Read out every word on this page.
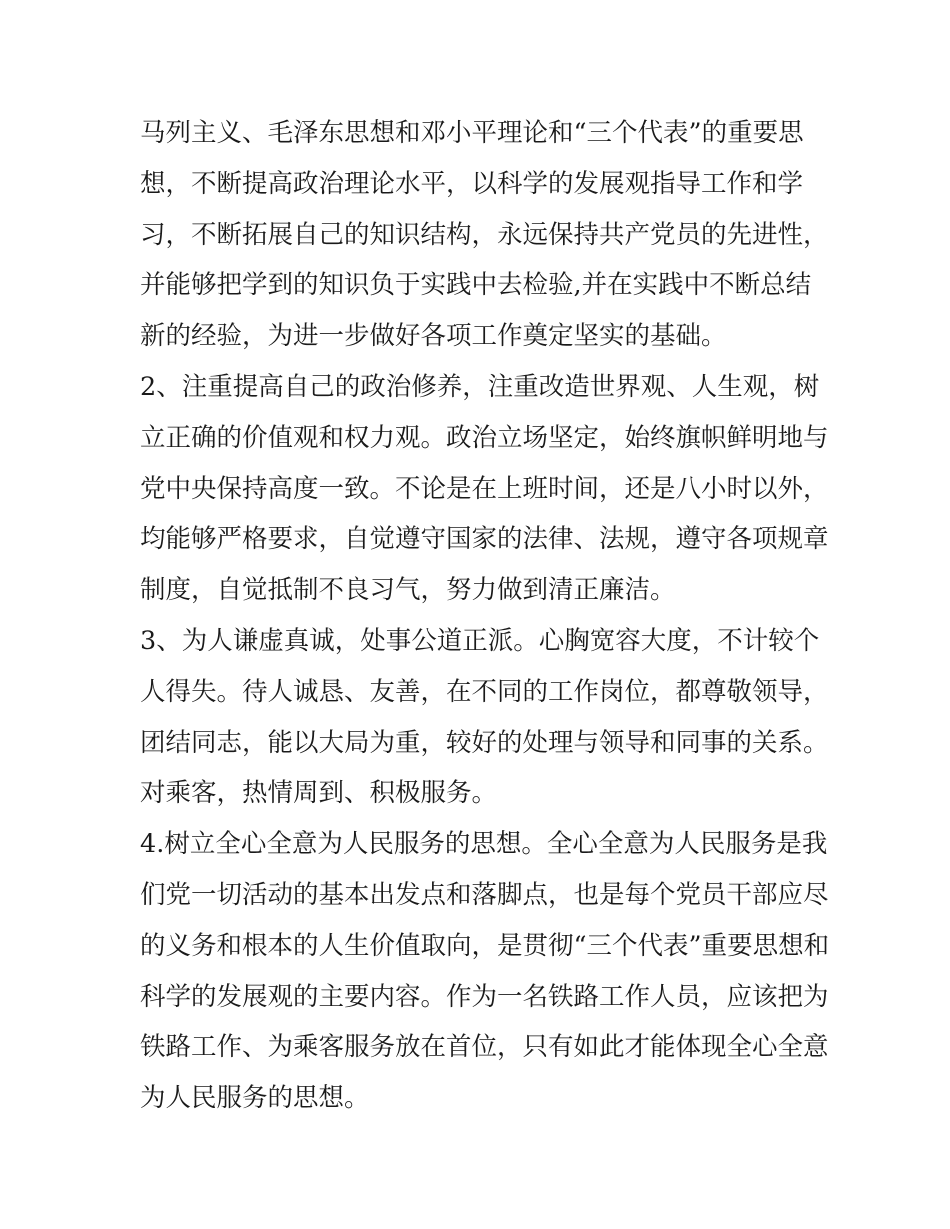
马列主义、毛泽东思想和邓小平理论和“三个代表”的重要思
想，不断提高政治理论水平，以科学的发展观指导工作和学
习，不断拓展自己的知识结构，永远保持共产党员的先进性，
并能够把学到的知识负于实践中去检验,并在实践中不断总结
新的经验，为进一步做好各项工作奠定坚实的基础。
2、注重提高自己的政治修养，注重改造世界观、人生观，树
立正确的价值观和权力观。政治立场坚定，始终旗帜鲜明地与
党中央保持高度一致。不论是在上班时间，还是八小时以外，
均能够严格要求，自觉遵守国家的法律、法规，遵守各项规章
制度，自觉抵制不良习气，努力做到清正廉洁。
3、为人谦虚真诚，处事公道正派。心胸宽容大度，不计较个
人得失。待人诚恳、友善，在不同的工作岗位，都尊敬领导，
团结同志，能以大局为重，较好的处理与领导和同事的关系。
对乘客，热情周到、积极服务。
4.树立全心全意为人民服务的思想。全心全意为人民服务是我
们党一切活动的基本出发点和落脚点，也是每个党员干部应尽
的义务和根本的人生价值取向，是贯彻“三个代表”重要思想和
科学的发展观的主要内容。作为一名铁路工作人员，应该把为
铁路工作、为乘客服务放在首位，只有如此才能体现全心全意
为人民服务的思想。
